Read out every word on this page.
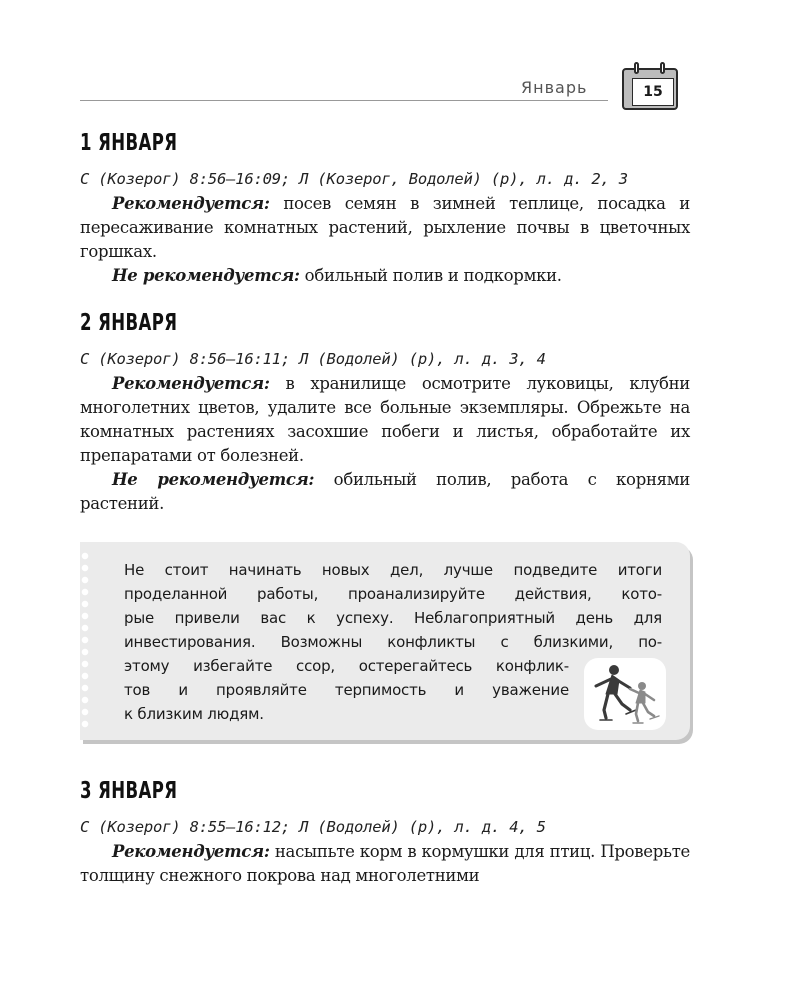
Январь	15
1 ЯНВАРЯ
С (Козерог) 8:56—16:09; Л (Козерог, Водолей) (р), л. д. 2, 3

Рекомендуется: посев семян в зимней теплице, посадка и пересаживание комнатных растений, рыхление почвы в цветочных горшках.

Не рекомендуется: обильный полив и подкормки.

2 ЯНВАРЯ
С (Козерог) 8:56—16:11; Л (Водолей) (р), л. д. 3, 4

Рекомендуется: в хранилище осмотрите луковицы, клубни многолетних цветов, удалите все больные экземпляры. Обрежьте на комнатных растениях засохшие побеги и листья, обработайте их препаратами от болезней.

Не рекомендуется: обильный полив, работа с корнями растений.

Не стоит начинать новых дел, лучше подведите итоги
проделанной работы, проанализируйте действия, кото-
рые привели вас к успеху. Неблагоприятный день для
инвестирования. Возможны конфликты с близкими, по-
этому избегайте ссор, остерегайтесь конфлик-
тов и проявляйте терпимость и уважение
к близким людям.
3 ЯНВАРЯ
С (Козерог) 8:55—16:12; Л (Водолей) (р), л. д. 4, 5

Рекомендуется: насыпьте корм в кормушки для птиц. Проверьте толщину снежного покрова над многолетними
